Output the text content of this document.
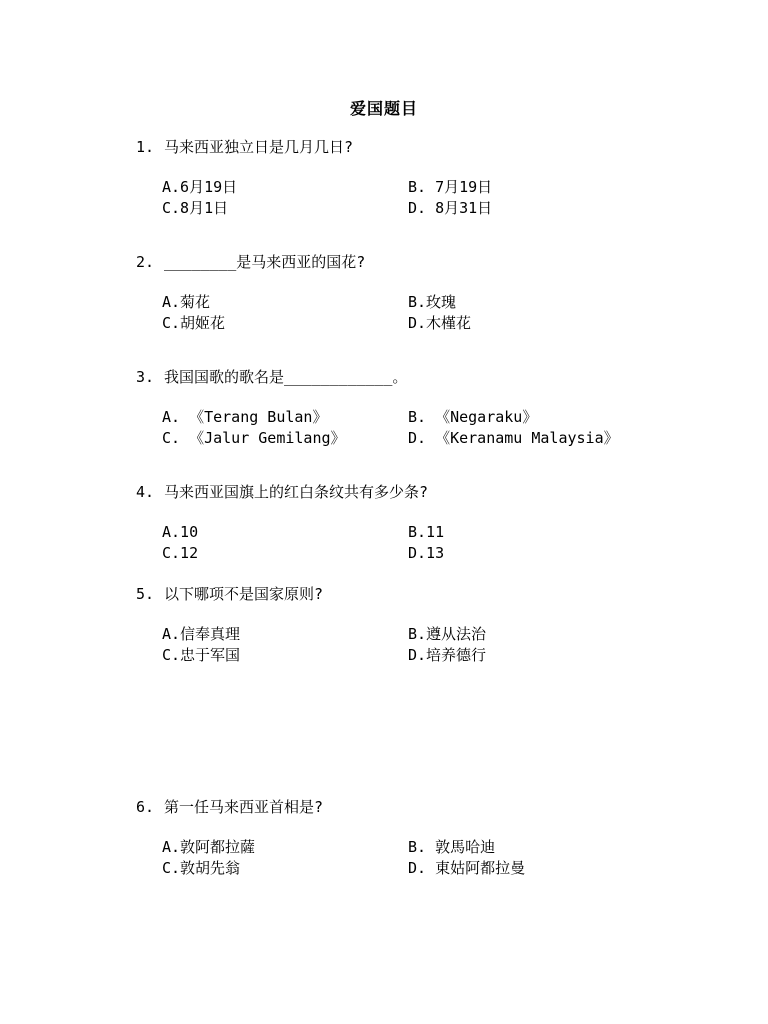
爱国题目
1. 马来西亚独立日是几月几日?
A.6月19日	B. 7月19日
C.8月1日	D. 8月31日
2. ________是马来西亚的国花?
A.菊花	B.玫瑰
C.胡姬花	D.木槿花
3. 我国国歌的歌名是____________。
A. 《Terang Bulan》	B. 《Negaraku》
C. 《Jalur Gemilang》	D. 《Keranamu Malaysia》
4. 马来西亚国旗上的红白条纹共有多少条?
A.10	B.11
C.12	D.13
5. 以下哪项不是国家原则?
A.信奉真理	B.遵从法治
C.忠于军国	D.培养德行
6. 第一任马来西亚首相是?
A.敦阿都拉薩	B. 敦馬哈迪
C.敦胡先翁	D. 東姑阿都拉曼
